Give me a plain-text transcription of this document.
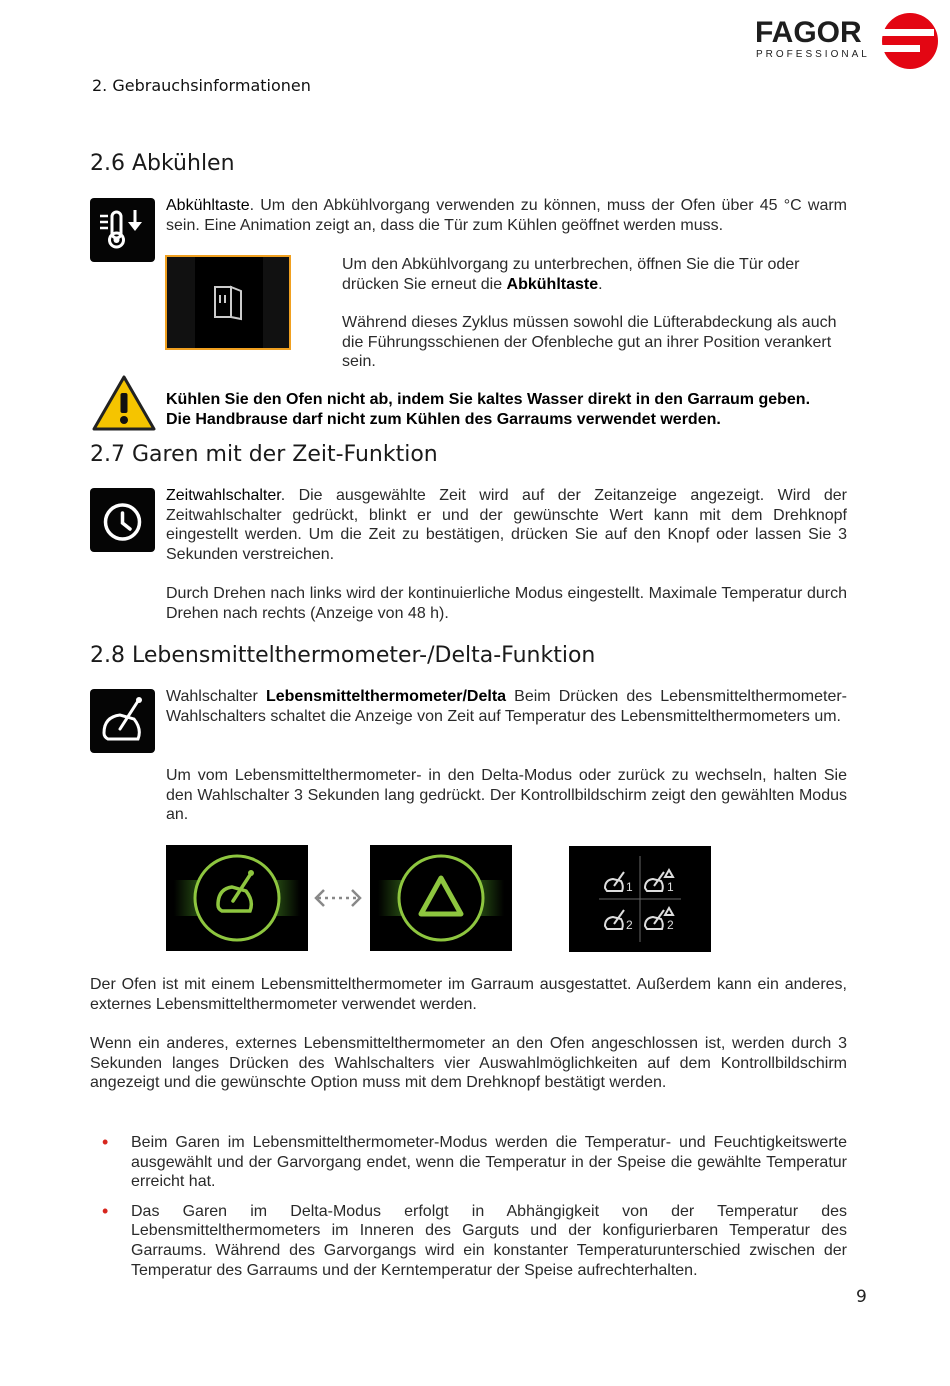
FAGOR
PROFESSIONAL
2. Gebrauchsinformationen
2.6 Abkühlen
Abkühltaste. Um den Abkühlvorgang verwenden zu können, muss der Ofen über 45 °C warm sein. Eine Animation zeigt an, dass die Tür zum Kühlen geöffnet werden muss.
Um den Abkühlvorgang zu unterbrechen, öffnen Sie die Tür oder drücken Sie erneut die Abkühltaste.
Während dieses Zyklus müssen sowohl die Lüfterabdeckung als auch die Führungsschienen der Ofenbleche gut an ihrer Position verankert sein.
Kühlen Sie den Ofen nicht ab, indem Sie kaltes Wasser direkt in den Garraum geben.
Die Handbrause darf nicht zum Kühlen des Garraums verwendet werden.
2.7 Garen mit der Zeit-Funktion
Zeitwahlschalter. Die ausgewählte Zeit wird auf der Zeitanzeige angezeigt. Wird der Zeitwahlschalter gedrückt, blinkt er und der gewünschte Wert kann mit dem Drehknopf eingestellt werden. Um die Zeit zu bestätigen, drücken Sie auf den Knopf oder lassen Sie 3 Sekunden verstreichen.
Durch Drehen nach links wird der kontinuierliche Modus eingestellt. Maximale Temperatur durch Drehen nach rechts (Anzeige von 48 h).
2.8 Lebensmittelthermometer-/Delta-Funktion
Wahlschalter Lebensmittelthermometer/Delta Beim Drücken des Lebensmittelthermometer-Wahlschalters schaltet die Anzeige von Zeit auf Temperatur des Lebensmittelthermometers um.
Um vom Lebensmittelthermometer- in den Delta-Modus oder zurück zu wechseln, halten Sie den Wahlschalter 3 Sekunden lang gedrückt. Der Kontrollbildschirm zeigt den gewählten Modus an.
1	1
2	2
Der Ofen ist mit einem Lebensmittelthermometer im Garraum ausgestattet. Außerdem kann ein anderes, externes Lebensmittelthermometer verwendet werden.
Wenn ein anderes, externes Lebensmittelthermometer an den Ofen angeschlossen ist, werden durch 3 Sekunden langes Drücken des Wahlschalters vier Auswahlmöglichkeiten auf dem Kontrollbildschirm angezeigt und die gewünschte Option muss mit dem Drehknopf bestätigt werden.
• Beim Garen im Lebensmittelthermometer-Modus werden die Temperatur- und Feuchtigkeitswerte ausgewählt und der Garvorgang endet, wenn die Temperatur in der Speise die gewählte Temperatur erreicht hat.
• Das Garen im Delta-Modus erfolgt in Abhängigkeit von der Temperatur des Lebensmittelthermometers im Inneren des Garguts und der konfigurierbaren Temperatur des Garraums. Während des Garvorgangs wird ein konstanter Temperaturunterschied zwischen der Temperatur des Garraums und der Kerntemperatur der Speise aufrechterhalten.
9
